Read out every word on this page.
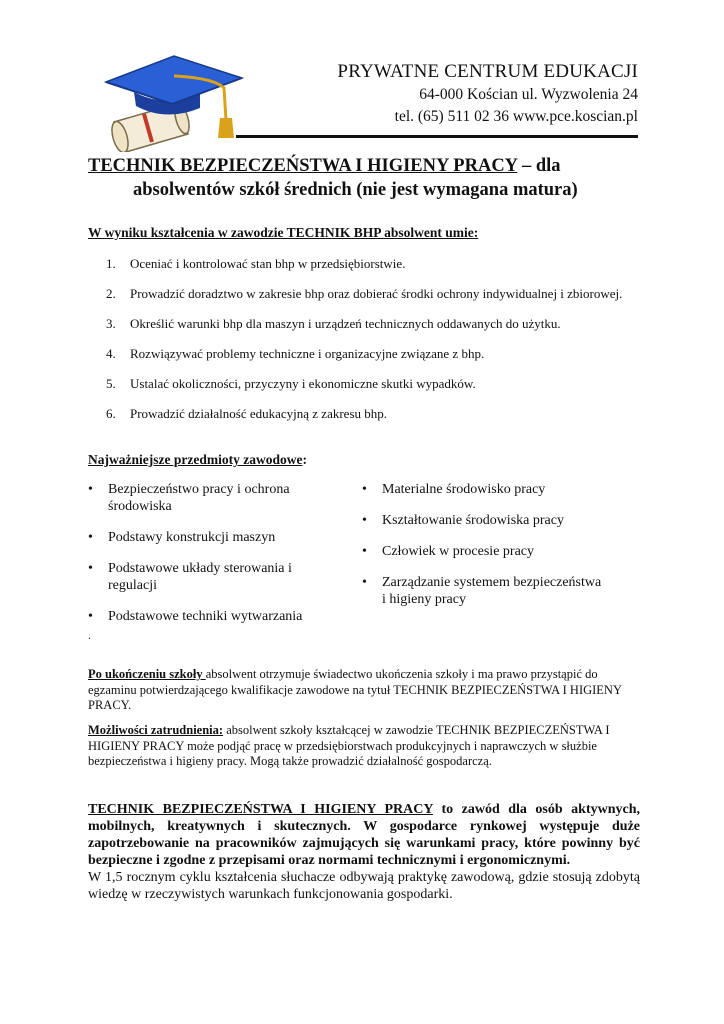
PRYWATNE CENTRUM EDUKACJI
64-000 Kościan ul. Wyzwolenia 24
tel. (65) 511 02 36 www.pce.koscian.pl
TECHNIK BEZPIECZEŃSTWA I HIGIENY PRACY – dla
absolwentów szkół średnich (nie jest wymagana matura)
W wyniku kształcenia w zawodzie TECHNIK BHP absolwent umie:
1.	Oceniać i kontrolować stan bhp w przedsiębiorstwie.
2.	Prowadzić doradztwo w zakresie bhp oraz dobierać środki ochrony indywidualnej i zbiorowej.
3.	Określić warunki bhp dla maszyn i urządzeń technicznych oddawanych do użytku.
4.	Rozwiązywać problemy techniczne i organizacyjne związane z bhp.
5.	Ustalać okoliczności, przyczyny i ekonomiczne skutki wypadków.
6.	Prowadzić działalność edukacyjną z zakresu bhp.
Najważniejsze przedmioty zawodowe:
• Bezpieczeństwo pracy i ochrona środowiska
• Podstawy konstrukcji maszyn
• Podstawowe układy sterowania i regulacji
• Podstawowe techniki wytwarzania
• Materialne środowisko pracy
• Kształtowanie środowiska pracy
• Człowiek w procesie pracy
• Zarządzanie systemem bezpieczeństwa i higieny pracy
.
Po ukończeniu szkoły absolwent otrzymuje świadectwo ukończenia szkoły i ma prawo przystąpić do egzaminu potwierdzającego kwalifikacje zawodowe na tytuł TECHNIK BEZPIECZEŃSTWA I HIGIENY PRACY.
Możliwości zatrudnienia: absolwent szkoły kształcącej w zawodzie TECHNIK BEZPIECZEŃSTWA I HIGIENY PRACY może podjąć pracę w przedsiębiorstwach produkcyjnych i naprawczych w służbie bezpieczeństwa i higieny pracy. Mogą także prowadzić działalność gospodarczą.
TECHNIK BEZPIECZEŃSTWA I HIGIENY PRACY to zawód dla osób aktywnych, mobilnych, kreatywnych i skutecznych. W gospodarce rynkowej występuje duże zapotrzebowanie na pracowników zajmujących się warunkami pracy, które powinny być bezpieczne i zgodne z przepisami oraz normami technicznymi i ergonomicznymi.
W 1,5 rocznym cyklu kształcenia słuchacze odbywają praktykę zawodową, gdzie stosują zdobytą wiedzę w rzeczywistych warunkach funkcjonowania gospodarki.
